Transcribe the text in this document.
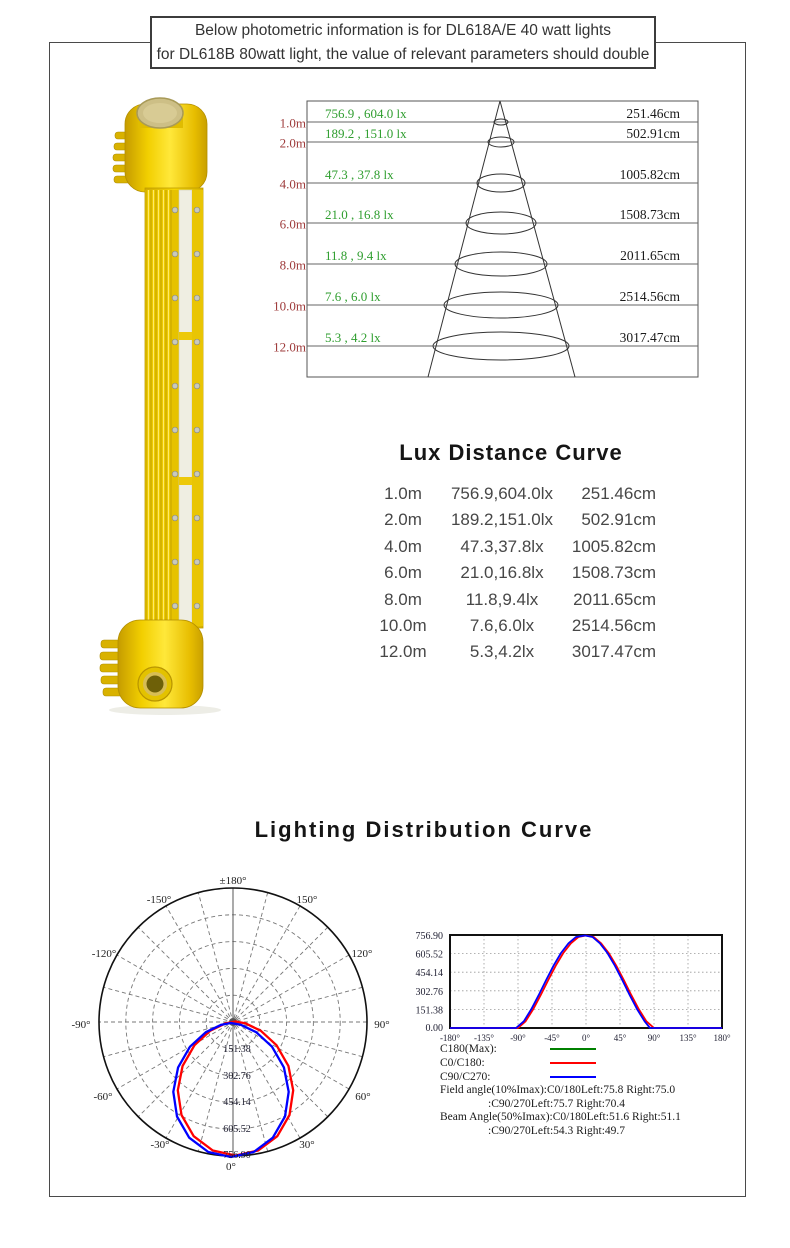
Below photometric information is for DL618A/E 40 watt lights
for DL618B 80watt light, the value of relevant parameters should double
756.9 , 604.0 lx
1.0m
251.46cm
189.2 , 151.0 lx
2.0m
502.91cm
47.3 , 37.8 lx
4.0m
1005.82cm
21.0 , 16.8 lx
6.0m
1508.73cm
11.8 , 9.4 lx
8.0m
2011.65cm
7.6 , 6.0 lx
10.0m
2514.56cm
5.3 , 4.2 lx
12.0m
3017.47cm
Lux Distance Curve
1.0m	756.9,604.0lx	251.46cm
2.0m	189.2,151.0lx	502.91cm
4.0m	47.3,37.8lx	1005.82cm
6.0m	21.0,16.8lx	1508.73cm
8.0m	11.8,9.4lx	2011.65cm
10.0m	7.6,6.0lx	2514.56cm
12.0m	5.3,4.2lx	3017.47cm
Lighting Distribution Curve
±180°
-150°	150°
-120°	120°
-90°	90°
-60°	60°
-30°	30°
0°
151.38
302.76
454.14
605.52
756.90
756.90
605.52
454.14
302.76
151.38
0.00
-180° -135° -90° -45° 0°	45° 90° 135° 180°
C180(Max):
C0/C180:
C90/C270:
Field angle(10%Imax):C0/180Left:75.8 Right:75.0
:C90/270Left:75.7 Right:70.4
Beam Angle(50%Imax):C0/180Left:51.6 Right:51.1
:C90/270Left:54.3 Right:49.7
